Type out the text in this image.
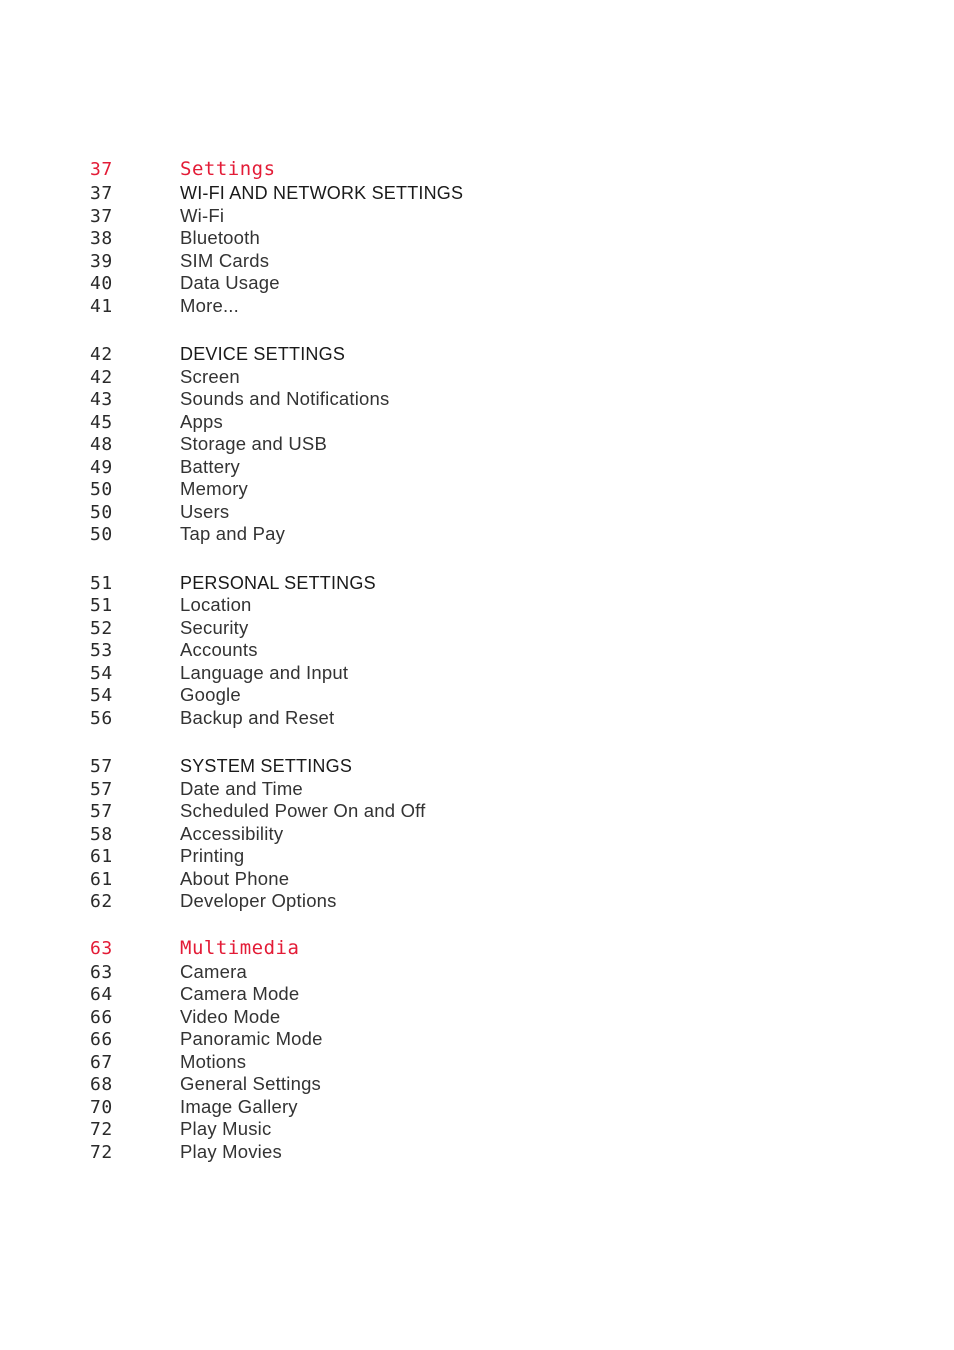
37	Settings
37	WI-FI AND NETWORK SETTINGS
37	Wi-Fi
38	Bluetooth
39	SIM Cards
40	Data Usage
41	More...
42	DEVICE SETTINGS
42	Screen
43	Sounds and Notifications
45	Apps
48	Storage and USB
49	Battery
50	Memory
50	Users
50	Tap and Pay
51	PERSONAL SETTINGS
51	Location
52	Security
53	Accounts
54	Language and Input
54	Google
56	Backup and Reset
57	SYSTEM SETTINGS
57	Date and Time
57	Scheduled Power On and Off
58	Accessibility
61	Printing
61	About Phone
62	Developer Options
63	Multimedia
63	Camera
64	Camera Mode
66	Video Mode
66	Panoramic Mode
67	Motions
68	General Settings
70	Image Gallery
72	Play Music
72	Play Movies
